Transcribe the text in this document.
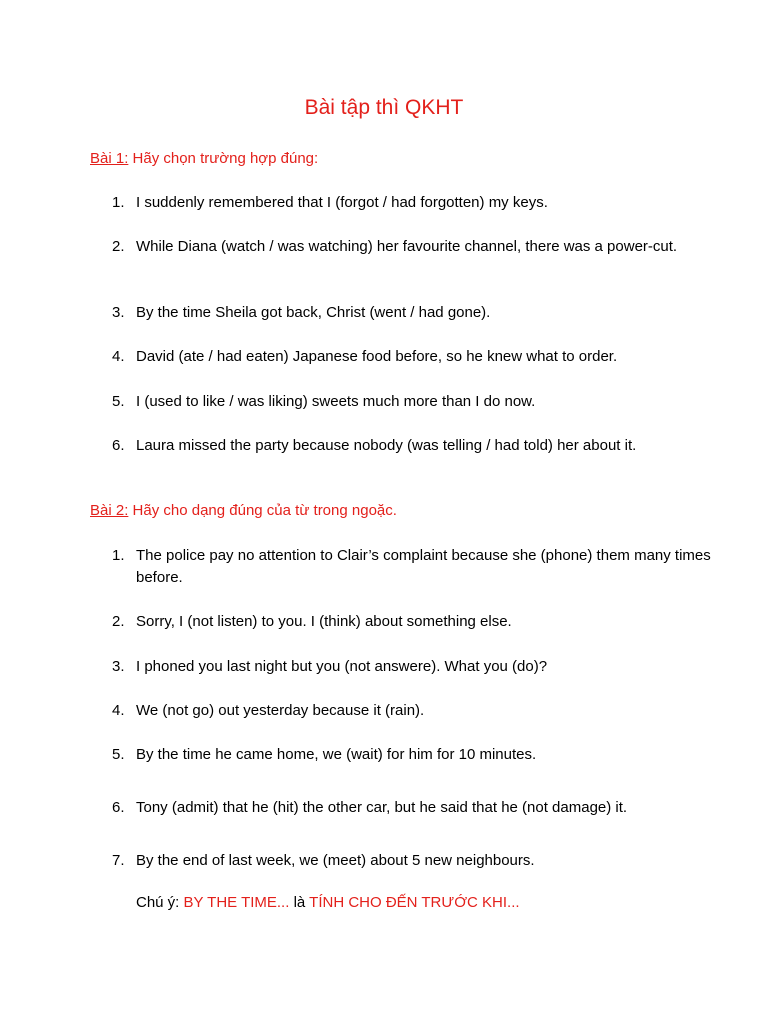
Bài tập thì QKHT
Bài 1: Hãy chọn trường hợp đúng:
1. I suddenly remembered that I (forgot / had forgotten) my keys.
2. While Diana (watch / was watching) her favourite channel, there was a power-cut.
3. By the time Sheila got back, Christ (went / had gone).
4. David (ate / had eaten) Japanese food before, so he knew what to order.
5. I (used to like / was liking) sweets much more than I do now.
6. Laura missed the party because nobody (was telling / had told) her about it.
Bài 2: Hãy cho dạng đúng của từ trong ngoặc.
1. The police pay no attention to Clair’s complaint because she (phone) them many times before.
2. Sorry, I (not listen) to you. I (think) about something else.
3. I phoned you last night but you (not answere). What you (do)?
4. We (not go) out yesterday because it (rain).
5. By the time he came home, we (wait) for him for 10 minutes.
6. Tony (admit) that he (hit) the other car, but he said that he (not damage) it.
7. By the end of last week, we (meet) about 5 new neighbours.
Chú ý: BY THE TIME... là TÍNH CHO ĐẾN TRƯỚC KHI...
